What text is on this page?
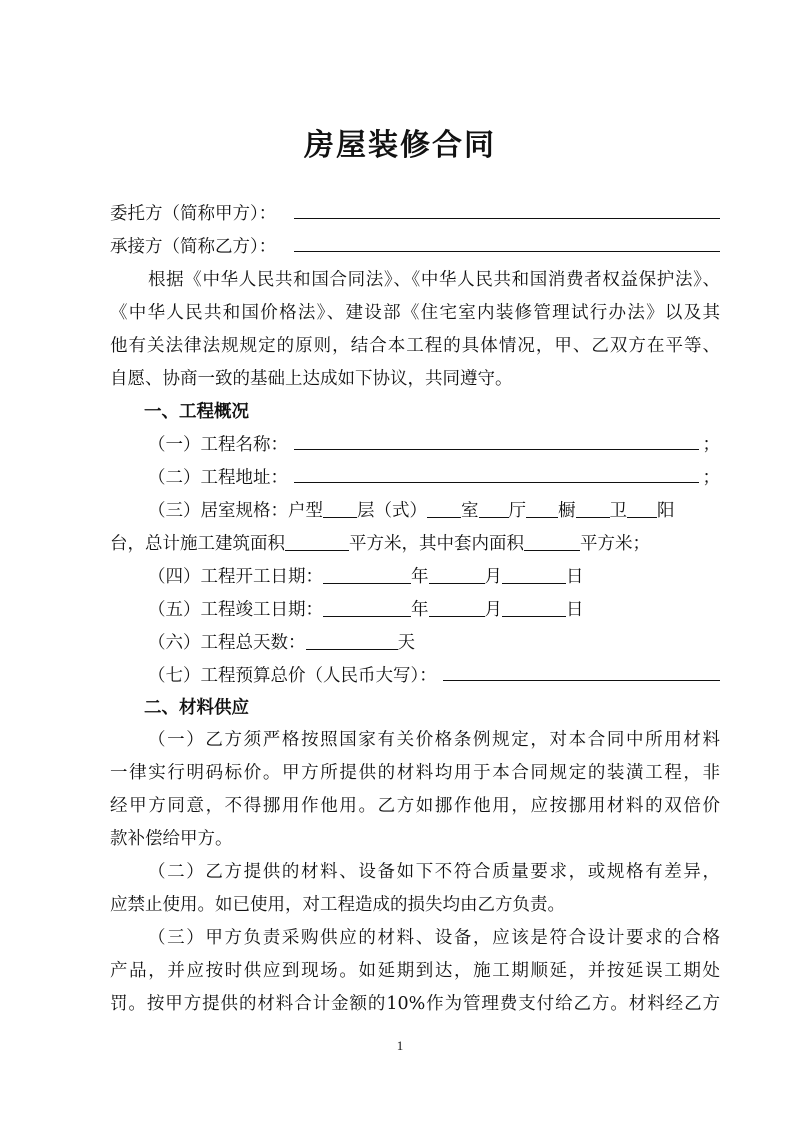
房屋装修合同
委托方（简称甲方）：
承接方（简称乙方）：
根据《中华人民共和国合同法》、《中华人民共和国消费者权益保护法》、
《中华人民共和国价格法》、建设部《住宅室内装修管理试行办法》以及其
他有关法律法规规定的原则，结合本工程的具体情况，甲、乙双方在平等、
自愿、协商一致的基础上达成如下协议，共同遵守。
一、工程概况
（一）工程名称：	；
（二）工程地址：	；
（三）居室规格：户型 层（式） 室 厅 橱 卫 阳
台，总计施工建筑面积	平方米，其中套内面积	平方米；
（四）工程开工日期：	年	月	日
（五）工程竣工日期：	年	月	日
（六）工程总天数：	天
（七）工程预算总价（人民币大写）：
二、材料供应
（一）乙方须严格按照国家有关价格条例规定，对本合同中所用材料
一律实行明码标价。甲方所提供的材料均用于本合同规定的装潢工程，非
经甲方同意，不得挪用作他用。乙方如挪作他用，应按挪用材料的双倍价
款补偿给甲方。
（二）乙方提供的材料、设备如下不符合质量要求，或规格有差异，
应禁止使用。如已使用，对工程造成的损失均由乙方负责。
（三）甲方负责采购供应的材料、设备，应该是符合设计要求的合格
产品，并应按时供应到现场。如延期到达，施工期顺延，并按延误工期处
罚。按甲方提供的材料合计金额的10%作为管理费支付给乙方。材料经乙方
1
